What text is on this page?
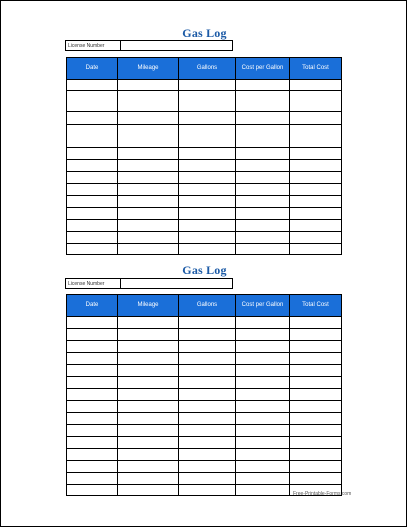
Gas Log
License Number
Date	Mileage	Gallons	Cost per Gallon	Total Cost

Gas Log
License Number
Date	Mileage	Gallons	Cost per Gallon	Total Cost

Free-Printable-Forms.com
